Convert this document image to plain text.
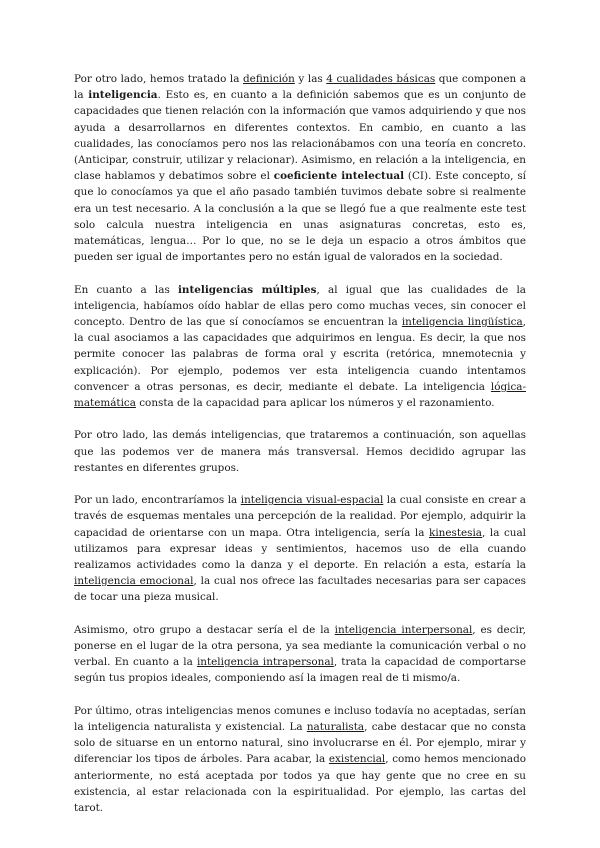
Por otro lado, hemos tratado la definición y las 4 cualidades básicas que componen a la inteligencia. Esto es, en cuanto a la definición sabemos que es un conjunto de capacidades que tienen relación con la información que vamos adquiriendo y que nos ayuda a desarrollarnos en diferentes contextos. En cambio, en cuanto a las cualidades, las conocíamos pero nos las relacionábamos con una teoría en concreto. (Anticipar, construir, utilizar y relacionar). Asimismo, en relación a la inteligencia, en clase hablamos y debatimos sobre el coeficiente intelectual (CI). Este concepto, sí que lo conocíamos ya que el año pasado también tuvimos debate sobre si realmente era un test necesario. A la conclusión a la que se llegó fue a que realmente este test solo calcula nuestra inteligencia en unas asignaturas concretas, esto es, matemáticas, lengua… Por lo que, no se le deja un espacio a otros ámbitos que pueden ser igual de importantes pero no están igual de valorados en la sociedad.

En cuanto a las inteligencias múltiples, al igual que las cualidades de la inteligencia, habíamos oído hablar de ellas pero como muchas veces, sin conocer el concepto. Dentro de las que sí conocíamos se encuentran la inteligencia lingüística, la cual asociamos a las capacidades que adquirimos en lengua. Es decir, la que nos permite conocer las palabras de forma oral y escrita (retórica, mnemotecnia y explicación). Por ejemplo, podemos ver esta inteligencia cuando intentamos convencer a otras personas, es decir, mediante el debate. La inteligencia lógica-matemática consta de la capacidad para aplicar los números y el razonamiento.

Por otro lado, las demás inteligencias, que trataremos a continuación, son aquellas que las podemos ver de manera más transversal. Hemos decidido agrupar las restantes en diferentes grupos.

Por un lado, encontraríamos la inteligencia visual-espacial la cual consiste en crear a través de esquemas mentales una percepción de la realidad. Por ejemplo, adquirir la capacidad de orientarse con un mapa. Otra inteligencia, sería la kinestesia, la cual utilizamos para expresar ideas y sentimientos, hacemos uso de ella cuando realizamos actividades como la danza y el deporte. En relación a esta, estaría la inteligencia emocional, la cual nos ofrece las facultades necesarias para ser capaces de tocar una pieza musical.

Asimismo, otro grupo a destacar sería el de la inteligencia interpersonal, es decir, ponerse en el lugar de la otra persona, ya sea mediante la comunicación verbal o no verbal. En cuanto a la inteligencia intrapersonal, trata la capacidad de comportarse según tus propios ideales, componiendo así la imagen real de ti mismo/a.

Por último, otras inteligencias menos comunes e incluso todavía no aceptadas, serían la inteligencia naturalista y existencial. La naturalista, cabe destacar que no consta solo de situarse en un entorno natural, sino involucrarse en él. Por ejemplo, mirar y diferenciar los tipos de árboles. Para acabar, la existencial, como hemos mencionado anteriormente, no está aceptada por todos ya que hay gente que no cree en su existencia, al estar relacionada con la espiritualidad. Por ejemplo, las cartas del tarot.
